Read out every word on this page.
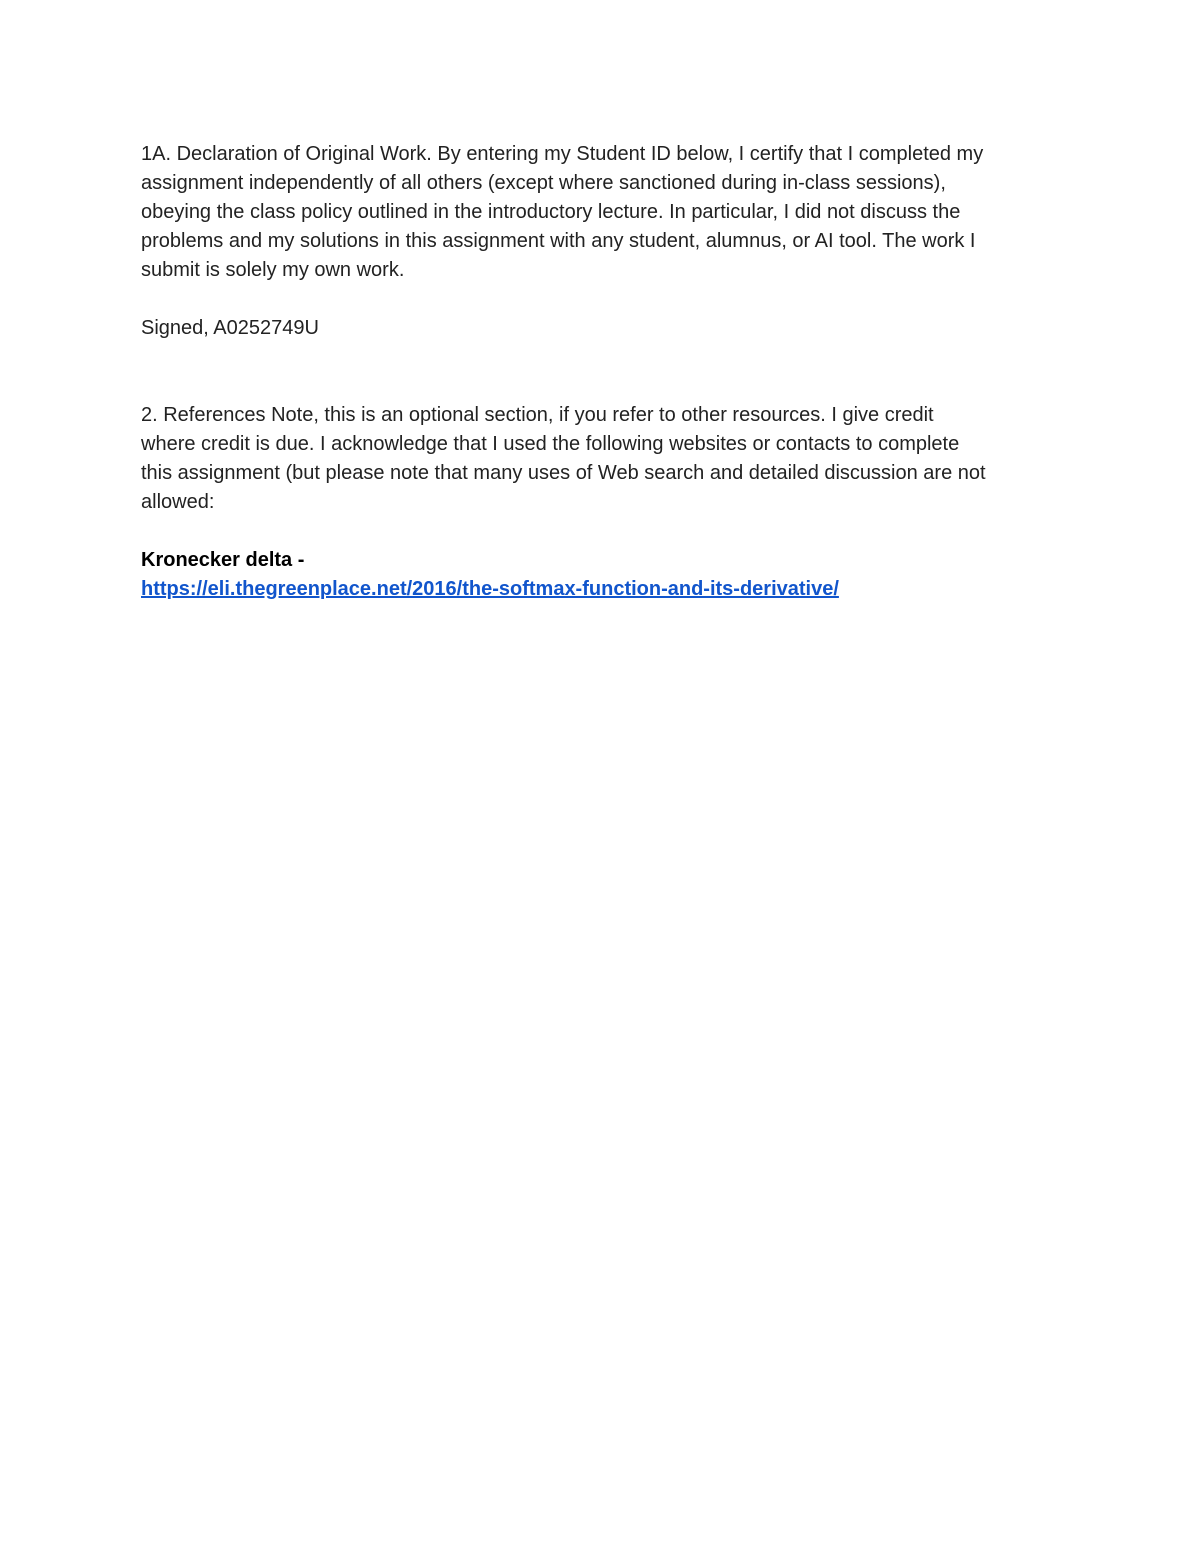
1A. Declaration of Original Work. By entering my Student ID below, I certify that I completed my
assignment independently of all others (except where sanctioned during in-class sessions),
obeying the class policy outlined in the introductory lecture. In particular, I did not discuss the
problems and my solutions in this assignment with any student, alumnus, or AI tool. The work I
submit is solely my own work.

Signed, A0252749U

2. References Note, this is an optional section, if you refer to other resources. I give credit
where credit is due. I acknowledge that I used the following websites or contacts to complete
this assignment (but please note that many uses of Web search and detailed discussion are not
allowed:

Kronecker delta -
https://eli.thegreenplace.net/2016/the-softmax-function-and-its-derivative/
